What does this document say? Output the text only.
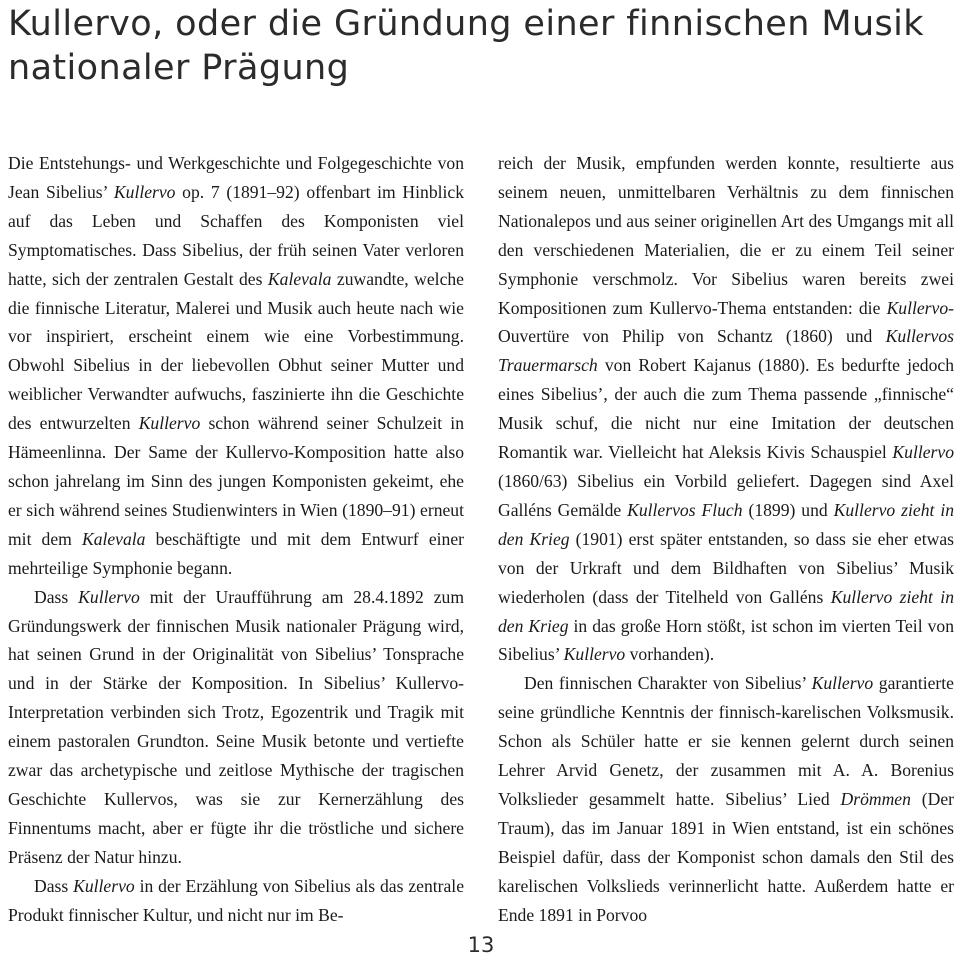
Kullervo, oder die Gründung einer finnischen Musik nationaler Prägung

Die Entstehungs- und Werkgeschichte und Folgegeschichte von Jean Sibelius’ Kullervo op. 7 (1891–92) offenbart im Hinblick auf das Leben und Schaffen des Komponisten viel Symptomatisches. Dass Sibelius, der früh seinen Vater verloren hatte, sich der zentralen Gestalt des Kalevala zuwandte, welche die finnische Literatur, Malerei und Musik auch heute nach wie vor inspiriert, erscheint einem wie eine Vorbestimmung. Obwohl Sibelius in der liebevollen Obhut seiner Mutter und weiblicher Verwandter aufwuchs, faszinierte ihn die Geschichte des entwurzelten Kullervo schon während seiner Schulzeit in Hämeenlinna. Der Same der Kullervo-Komposition hatte also schon jahrelang im Sinn des jungen Komponisten gekeimt, ehe er sich während seines Studienwinters in Wien (1890–91) erneut mit dem Kalevala beschäftigte und mit dem Entwurf einer mehrteilige Symphonie begann.

Dass Kullervo mit der Uraufführung am 28.4.1892 zum Gründungswerk der finnischen Musik nationaler Prägung wird, hat seinen Grund in der Originalität von Sibelius’ Tonsprache und in der Stärke der Komposition. In Sibelius’ Kullervo-Interpretation verbinden sich Trotz, Egozentrik und Tragik mit einem pastoralen Grundton. Seine Musik betonte und vertiefte zwar das archetypische und zeitlose Mythische der tragischen Geschichte Kullervos, was sie zur Kernerzählung des Finnentums macht, aber er fügte ihr die tröstliche und sichere Präsenz der Natur hinzu.

Dass Kullervo in der Erzählung von Sibelius als das zentrale Produkt finnischer Kultur, und nicht nur im Be-

reich der Musik, empfunden werden konnte, resultierte aus seinem neuen, unmittelbaren Verhältnis zu dem finnischen Nationalepos und aus seiner originellen Art des Umgangs mit all den verschiedenen Materialien, die er zu einem Teil seiner Symphonie verschmolz. Vor Sibelius waren bereits zwei Kompositionen zum Kullervo-Thema entstanden: die Kullervo-Ouvertüre von Philip von Schantz (1860) und Kullervos Trauermarsch von Robert Kajanus (1880). Es bedurfte jedoch eines Sibelius’, der auch die zum Thema passende „finnische“ Musik schuf, die nicht nur eine Imitation der deutschen Romantik war. Vielleicht hat Aleksis Kivis Schauspiel Kullervo (1860/63) Sibelius ein Vorbild geliefert. Dagegen sind Axel Galléns Gemälde Kullervos Fluch (1899) und Kullervo zieht in den Krieg (1901) erst später entstanden, so dass sie eher etwas von der Urkraft und dem Bildhaften von Sibelius’ Musik wiederholen (dass der Titelheld von Galléns Kullervo zieht in den Krieg in das große Horn stößt, ist schon im vierten Teil von Sibelius’ Kullervo vorhanden).

Den finnischen Charakter von Sibelius’ Kullervo garantierte seine gründliche Kenntnis der finnisch-karelischen Volksmusik. Schon als Schüler hatte er sie kennen gelernt durch seinen Lehrer Arvid Genetz, der zusammen mit A. A. Borenius Volkslieder gesammelt hatte. Sibelius’ Lied Drömmen (Der Traum), das im Januar 1891 in Wien entstand, ist ein schönes Beispiel dafür, dass der Komponist schon damals den Stil des karelischen Volkslieds verinnerlicht hatte. Außerdem hatte er Ende 1891 in Porvoo

13
